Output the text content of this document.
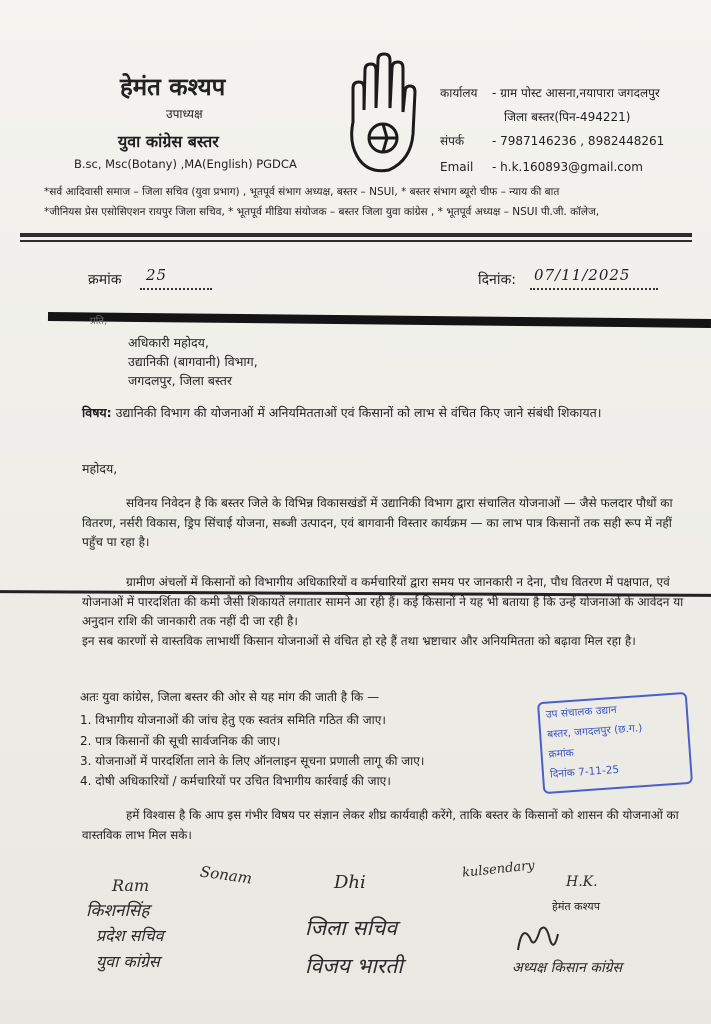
हेमंत कश्यप
उपाध्यक्ष
युवा कांग्रेस बस्तर
B.sc, Msc(Botany) ,MA(English) PGDCA
कार्यालय - ग्राम पोस्ट आसना,नयापारा जगदलपुर
जिला बस्तर(पिन-494221)
संपर्क - 7987146236 , 8982448261
Email - h.k.160893@gmail.com
*सर्व आदिवासी समाज – जिला सचिव (युवा प्रभाग) , भूतपूर्व संभाग अध्यक्ष, बस्तर – NSUI, * बस्तर संभाग ब्यूरो चीफ – न्याय की बात
*जीनियस प्रेस एसोसिएशन रायपुर जिला सचिव, * भूतपूर्व मीडिया संयोजक – बस्तर जिला युवा कांग्रेस , * भूतपूर्व अध्यक्ष – NSUI पी.जी. कॉलेज,
क्रमांक 25	दिनांक: 07/11/2025
प्रति,
अधिकारी महोदय,
उद्यानिकी (बागवानी) विभाग,
जगदलपुर, जिला बस्तर
विषय: उद्यानिकी विभाग की योजनाओं में अनियमितताओं एवं किसानों को लाभ से वंचित किए जाने संबंधी शिकायत।
महोदय,
सविनय निवेदन है कि बस्तर जिले के विभिन्न विकासखंडों में उद्यानिकी विभाग द्वारा संचालित योजनाओं — जैसे फलदार पौधों का वितरण, नर्सरी विकास, ड्रिप सिंचाई योजना, सब्जी उत्पादन, एवं बागवानी विस्तार कार्यक्रम — का लाभ पात्र किसानों तक सही रूप में नहीं पहुँच पा रहा है।
ग्रामीण अंचलों में किसानों को विभागीय अधिकारियों व कर्मचारियों द्वारा समय पर जानकारी न देना, पौध वितरण में पक्षपात, एवं योजनाओं में पारदर्शिता की कमी जैसी शिकायतें लगातार सामने आ रही हैं। कई किसानों ने यह भी बताया है कि उन्हें योजनाओं के आवेदन या अनुदान राशि की जानकारी तक नहीं दी जा रही है।
इन सब कारणों से वास्तविक लाभार्थी किसान योजनाओं से वंचित हो रहे हैं तथा भ्रष्टाचार और अनियमितता को बढ़ावा मिल रहा है।
अतः युवा कांग्रेस, जिला बस्तर की ओर से यह मांग की जाती है कि —
1. विभागीय योजनाओं की जांच हेतु एक स्वतंत्र समिति गठित की जाए।
2. पात्र किसानों की सूची सार्वजनिक की जाए।
3. योजनाओं में पारदर्शिता लाने के लिए ऑनलाइन सूचना प्रणाली लागू की जाए।
4. दोषी अधिकारियों / कर्मचारियों पर उचित विभागीय कार्रवाई की जाए।
उप संचालक उद्यान
बस्तर, जगदलपुर (छ.ग.)
क्रमांक
दिनांक 7-11-25
हमें विश्वास है कि आप इस गंभीर विषय पर संज्ञान लेकर शीघ्र कार्यवाही करेंगे, ताकि बस्तर के किसानों को शासन की योजनाओं का वास्तविक लाभ मिल सके।
Ram
किशनसिंह
प्रदेश सचिव
युवा कांग्रेस
Sonam	Dhi
जिला सचिव
विजय भारती
kulsendary
H.K.
हेमंत कश्यप
अध्यक्ष किसान कांग्रेस
